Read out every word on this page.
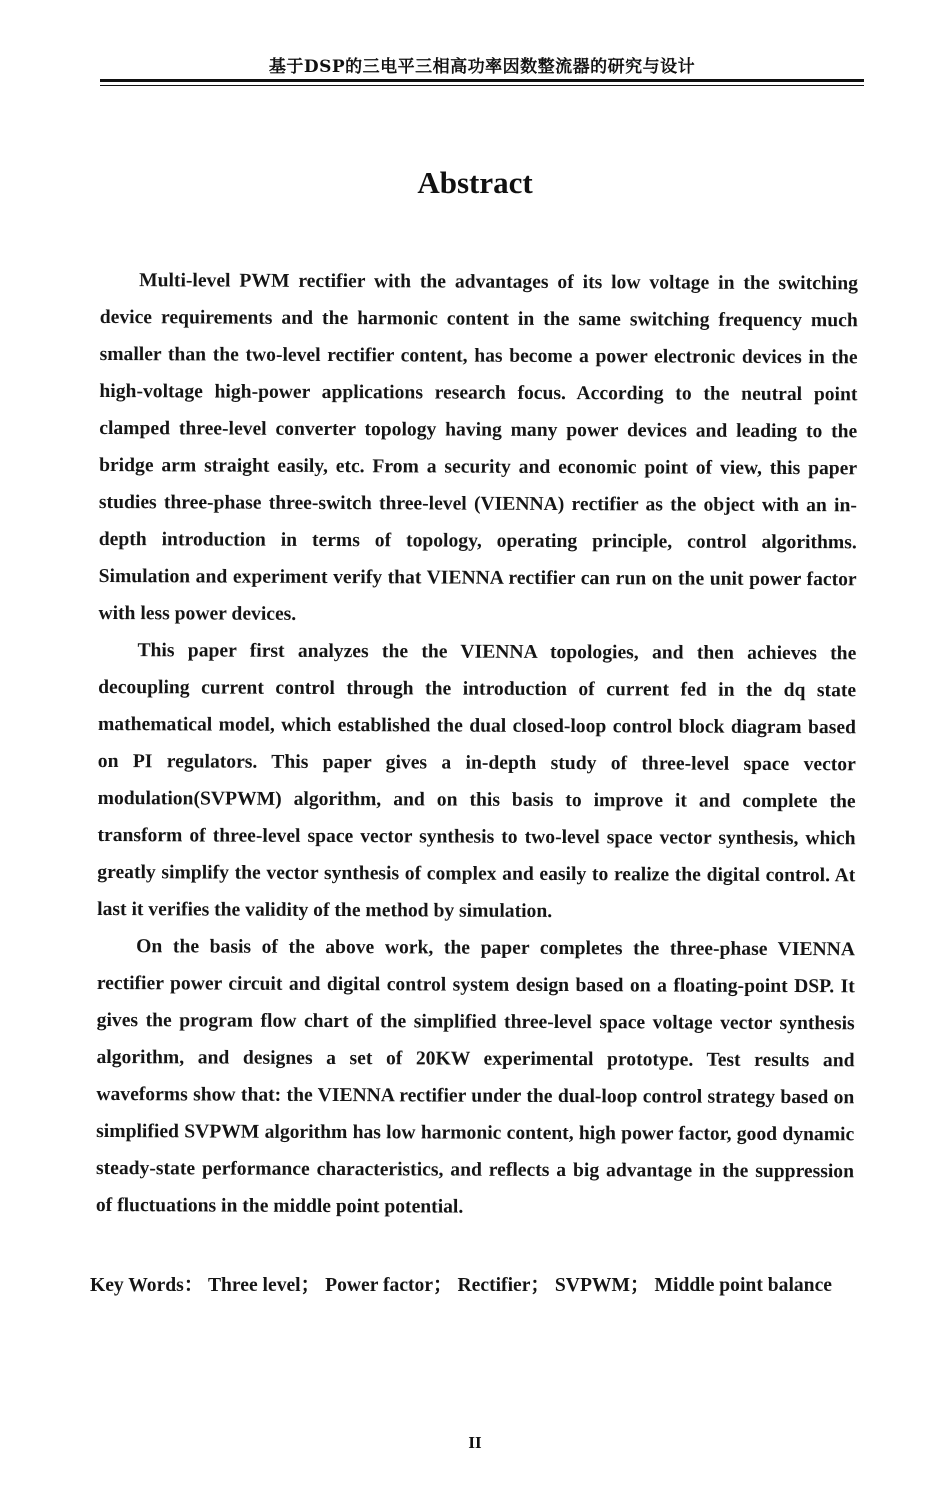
基于DSP的三电平三相高功率因数整流器的研究与设计
Abstract

Multi-level PWM rectifier with the advantages of its low voltage in the switching device requirements and the harmonic content in the same switching frequency much smaller than the two-level rectifier content, has become a power electronic devices in the high-voltage high-power applications research focus. According to the neutral point clamped three-level converter topology having many power devices and leading to the bridge arm straight easily, etc. From a security and economic point of view, this paper studies three-phase three-switch three-level (VIENNA) rectifier as the object with an in-depth introduction in terms of topology, operating principle, control algorithms. Simulation and experiment verify that VIENNA rectifier can run on the unit power factor with less power devices.

This paper first analyzes the the VIENNA topologies, and then achieves the decoupling current control through the introduction of current fed in the dq state mathematical model, which established the dual closed-loop control block diagram based on PI regulators. This paper gives a in-depth study of three-level space vector modulation(SVPWM) algorithm, and on this basis to improve it and complete the transform of three-level space vector synthesis to two-level space vector synthesis, which greatly simplify the vector synthesis of complex and easily to realize the digital control. At last it verifies the validity of the method by simulation.

On the basis of the above work, the paper completes the three-phase VIENNA rectifier power circuit and digital control system design based on a floating-point DSP. It gives the program flow chart of the simplified three-level space voltage vector synthesis algorithm, and designes a set of 20KW experimental prototype. Test results and waveforms show that: the VIENNA rectifier under the dual-loop control strategy based on simplified SVPWM algorithm has low harmonic content, high power factor, good dynamic steady-state performance characteristics, and reflects a big advantage in the suppression of fluctuations in the middle point potential.

Key Words： Three level； Power factor； Rectifier； SVPWM； Middle point balance
II
